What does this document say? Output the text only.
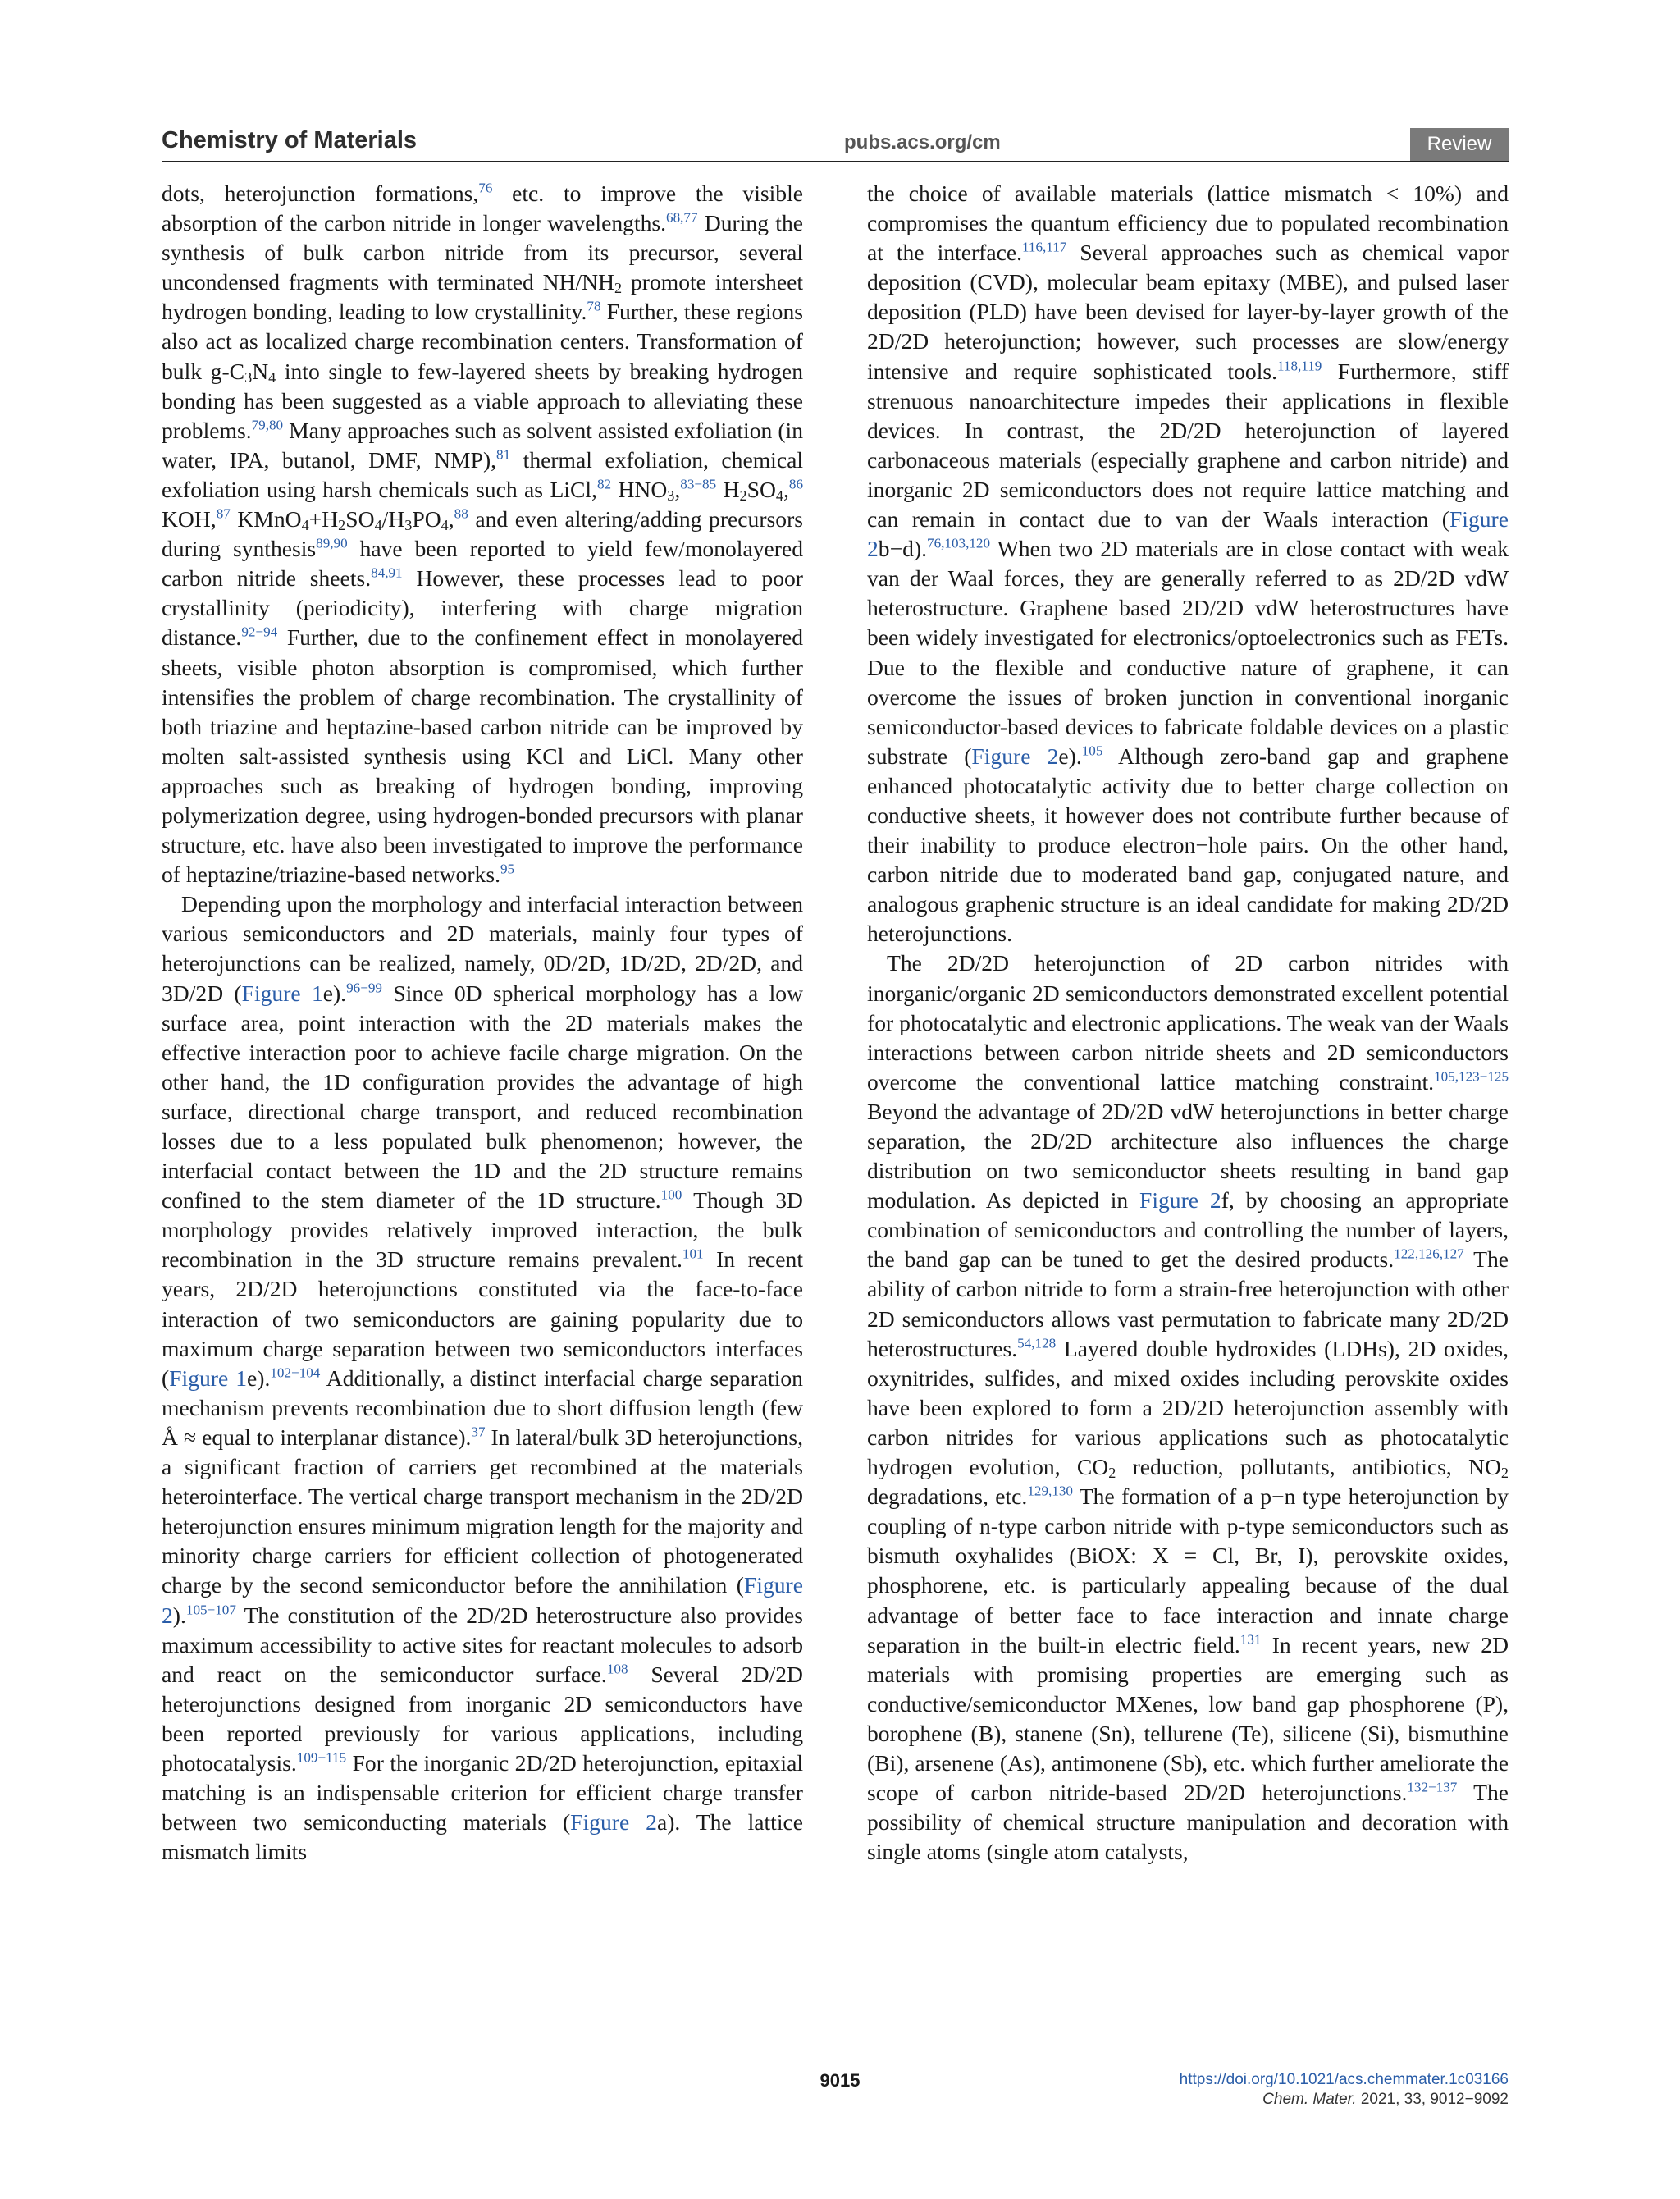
Chemistry of Materials	pubs.acs.org/cm	Review

dots, heterojunction formations,$^{76}$ etc. to improve the visible absorption of the carbon nitride in longer wavelengths.$^{68,77}$ During the synthesis of bulk carbon nitride from its precursor, several uncondensed fragments with terminated $NH/NH_2$ promote intersheet hydrogen bonding, leading to low crystallinity.$^{78}$ Further, these regions also act as localized charge recombination centers. Transformation of bulk $g-C_3N_4$ into single to few-layered sheets by breaking hydrogen bonding has been suggested as a viable approach to alleviating these problems.$^{79,80}$ Many approaches such as solvent assisted exfoliation (in water, IPA, butanol, DMF, NMP),$^{81}$ thermal exfoliation, chemical exfoliation using harsh chemicals such as LiCl,$^{82}$ $HNO_3,^{83-85}$ $H_2SO_4,^{86}$ KOH,$^{87}$ $KMnO_4+H_2SO_4/H_3PO_4,^{88}$ and even altering/adding precursors during synthesis$^{89,90}$ have been reported to yield few/monolayered carbon nitride sheets.$^{84,91}$ However, these processes lead to poor crystallinity (periodicity), interfering with charge migration distance.$^{92-94}$ Further, due to the confinement effect in monolayered sheets, visible photon absorption is compromised, which further intensifies the problem of charge recombination. The crystallinity of both triazine and heptazine-based carbon nitride can be improved by molten salt-assisted synthesis using KCl and LiCl. Many other approaches such as breaking of hydrogen bonding, improving polymerization degree, using hydrogen-bonded precursors with planar structure, etc. have also been investigated to improve the performance of heptazine/triazine-based networks.$^{95}$

Depending upon the morphology and interfacial interaction between various semiconductors and 2D materials, mainly four types of heterojunctions can be realized, namely, 0D/2D, 1D/2D, 2D/2D, and 3D/2D (Figure 1e).$^{96-99}$ Since 0D spherical morphology has a low surface area, point interaction with the 2D materials makes the effective interaction poor to achieve facile charge migration. On the other hand, the 1D configuration provides the advantage of high surface, directional charge transport, and reduced recombination losses due to a less populated bulk phenomenon; however, the interfacial contact between the 1D and the 2D structure remains confined to the stem diameter of the 1D structure.$^{100}$ Though 3D morphology provides relatively improved interaction, the bulk recombination in the 3D structure remains prevalent.$^{101}$ In recent years, 2D/2D heterojunctions constituted via the face-to-face interaction of two semiconductors are gaining popularity due to maximum charge separation between two semiconductors interfaces (Figure 1e).$^{102-104}$ Additionally, a distinct interfacial charge separation mechanism prevents recombination due to short diffusion length (few Å ≈ equal to interplanar distance).$^{37}$ In lateral/bulk 3D heterojunctions, a significant fraction of carriers get recombined at the materials heterointerface. The vertical charge transport mechanism in the 2D/2D heterojunction ensures minimum migration length for the majority and minority charge carriers for efficient collection of photogenerated charge by the second semiconductor before the annihilation (Figure 2).$^{105-107}$ The constitution of the 2D/2D heterostructure also provides maximum accessibility to active sites for reactant molecules to adsorb and react on the semiconductor surface.$^{108}$ Several 2D/2D heterojunctions designed from inorganic 2D semiconductors have been reported previously for various applications, including photocatalysis.$^{109-115}$ For the inorganic 2D/2D heterojunction, epitaxial matching is an indispensable criterion for efficient charge transfer between two semiconducting materials (Figure 2a). The lattice mismatch limits

the choice of available materials (lattice mismatch < 10%) and compromises the quantum efficiency due to populated recombination at the interface.$^{116,117}$ Several approaches such as chemical vapor deposition (CVD), molecular beam epitaxy (MBE), and pulsed laser deposition (PLD) have been devised for layer-by-layer growth of the 2D/2D heterojunction; however, such processes are slow/energy intensive and require sophisticated tools.$^{118,119}$ Furthermore, stiff strenuous nanoarchitecture impedes their applications in flexible devices. In contrast, the 2D/2D heterojunction of layered carbonaceous materials (especially graphene and carbon nitride) and inorganic 2D semiconductors does not require lattice matching and can remain in contact due to van der Waals interaction (Figure 2b−d).$^{76,103,120}$ When two 2D materials are in close contact with weak van der Waal forces, they are generally referred to as 2D/2D vdW heterostructure. Graphene based 2D/2D vdW heterostructures have been widely investigated for electronics/optoelectronics such as FETs. Due to the flexible and conductive nature of graphene, it can overcome the issues of broken junction in conventional inorganic semiconductor-based devices to fabricate foldable devices on a plastic substrate (Figure 2e).$^{105}$ Although zero-band gap and graphene enhanced photocatalytic activity due to better charge collection on conductive sheets, it however does not contribute further because of their inability to produce electron−hole pairs. On the other hand, carbon nitride due to moderated band gap, conjugated nature, and analogous graphenic structure is an ideal candidate for making 2D/2D heterojunctions.

The 2D/2D heterojunction of 2D carbon nitrides with inorganic/organic 2D semiconductors demonstrated excellent potential for photocatalytic and electronic applications. The weak van der Waals interactions between carbon nitride sheets and 2D semiconductors overcome the conventional lattice matching constraint.$^{105,123-125}$ Beyond the advantage of 2D/2D vdW heterojunctions in better charge separation, the 2D/2D architecture also influences the charge distribution on two semiconductor sheets resulting in band gap modulation. As depicted in Figure 2f, by choosing an appropriate combination of semiconductors and controlling the number of layers, the band gap can be tuned to get the desired products.$^{122,126,127}$ The ability of carbon nitride to form a strain-free heterojunction with other 2D semiconductors allows vast permutation to fabricate many 2D/2D heterostructures.$^{54,128}$ Layered double hydroxides (LDHs), 2D oxides, oxynitrides, sulfides, and mixed oxides including perovskite oxides have been explored to form a 2D/2D heterojunction assembly with carbon nitrides for various applications such as photocatalytic hydrogen evolution, $CO_2$ reduction, pollutants, antibiotics, $NO_2$ degradations, etc.$^{129,130}$ The formation of a p−n type heterojunction by coupling of n-type carbon nitride with p-type semiconductors such as bismuth oxyhalides (BiOX: X = Cl, Br, I), perovskite oxides, phosphorene, etc. is particularly appealing because of the dual advantage of better face to face interaction and innate charge separation in the built-in electric field.$^{131}$ In recent years, new 2D materials with promising properties are emerging such as conductive/semiconductor MXenes, low band gap phosphorene (P), borophene (B), stanene (Sn), tellurene (Te), silicene (Si), bismuthine (Bi), arsenene (As), antimonene (Sb), etc. which further ameliorate the scope of carbon nitride-based 2D/2D heterojunctions.$^{132-137}$ The possibility of chemical structure manipulation and decoration with single atoms (single atom catalysts,

9015	https://doi.org/10.1021/acs.chemmater.1c03166
Chem. Mater. 2021, 33, 9012−9092
